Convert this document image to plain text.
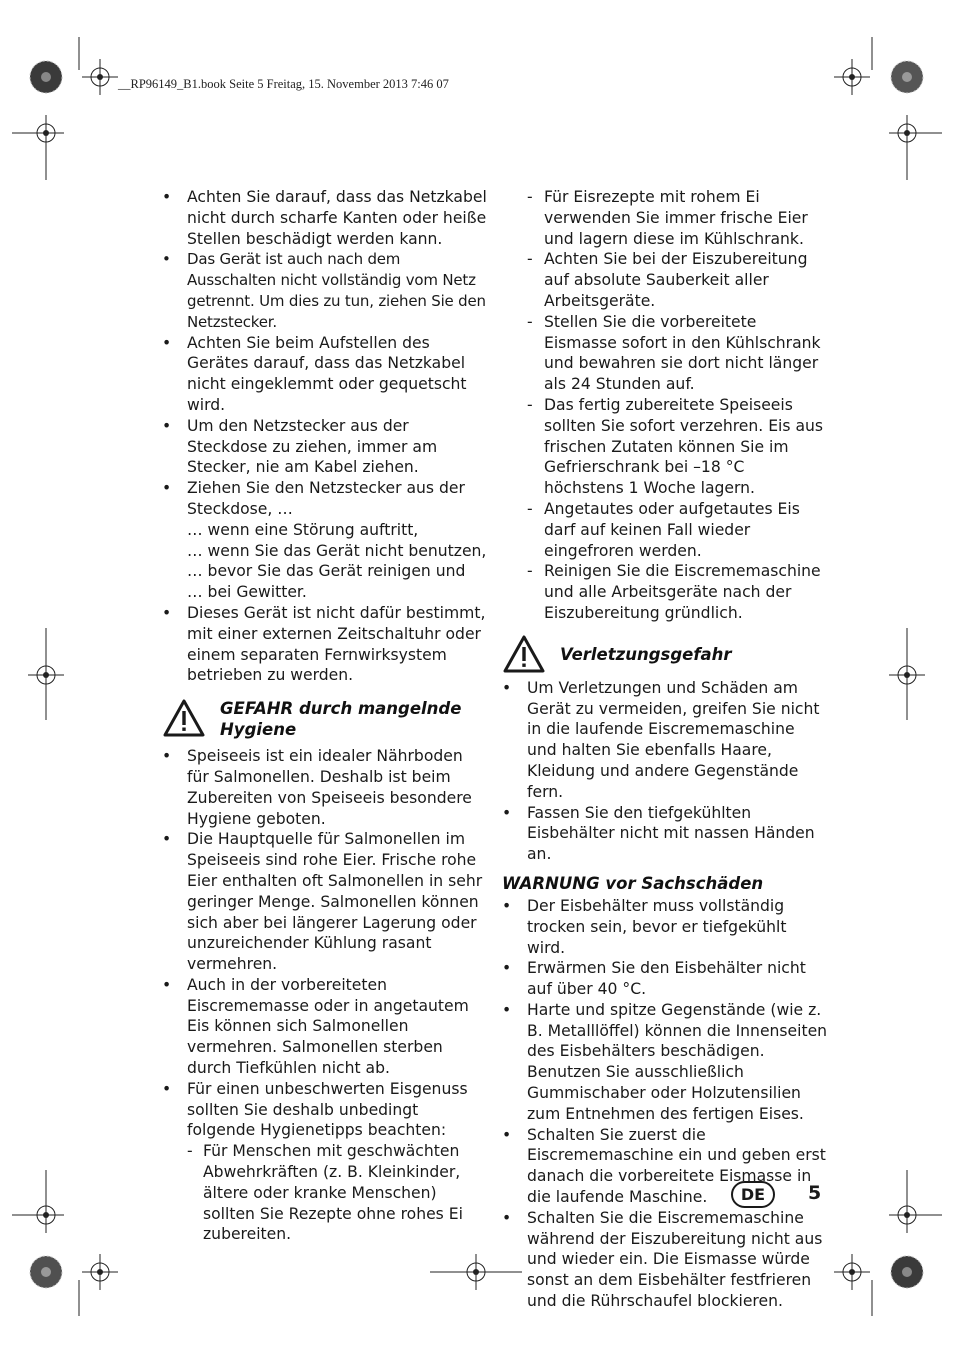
__RP96149_B1.book Seite 5 Freitag, 15. November 2013 7:46 07
• Achten Sie darauf, dass das Netzkabel nicht durch scharfe Kanten oder heiße Stellen beschädigt werden kann.
• Das Gerät ist auch nach dem Ausschalten nicht vollständig vom Netz getrennt. Um dies zu tun, ziehen Sie den Netzstecker.
• Achten Sie beim Aufstellen des Gerätes darauf, dass das Netzkabel nicht eingeklemmt oder gequetscht wird.
• Um den Netzstecker aus der Steckdose zu ziehen, immer am Stecker, nie am Kabel ziehen.
• Ziehen Sie den Netzstecker aus der Steckdose, …
… wenn eine Störung auftritt,
… wenn Sie das Gerät nicht benutzen,
… bevor Sie das Gerät reinigen und
… bei Gewitter.
• Dieses Gerät ist nicht dafür bestimmt, mit einer externen Zeitschaltuhr oder einem separaten Fernwirksystem betrieben zu werden.
GEFAHR durch mangelnde Hygiene
• Speiseeis ist ein idealer Nährboden für Salmonellen. Deshalb ist beim Zubereiten von Speiseeis besondere Hygiene geboten.
• Die Hauptquelle für Salmonellen im Speiseeis sind rohe Eier. Frische rohe Eier enthalten oft Salmonellen in sehr geringer Menge. Salmonellen können sich aber bei längerer Lagerung oder unzureichender Kühlung rasant vermehren.
• Auch in der vorbereiteten Eiscrememasse oder in angetautem Eis können sich Salmonellen vermehren. Salmonellen sterben durch Tiefkühlen nicht ab.
• Für einen unbeschwerten Eisgenuss sollten Sie deshalb unbedingt folgende Hygienetipps beachten:
- Für Menschen mit geschwächten Abwehrkräften (z. B. Kleinkinder, ältere oder kranke Menschen) sollten Sie Rezepte ohne rohes Ei zubereiten.
- Für Eisrezepte mit rohem Ei verwenden Sie immer frische Eier und lagern diese im Kühlschrank.
- Achten Sie bei der Eiszubereitung auf absolute Sauberkeit aller Arbeitsgeräte.
- Stellen Sie die vorbereitete Eismasse sofort in den Kühlschrank und bewahren sie dort nicht länger als 24 Stunden auf.
- Das fertig zubereitete Speiseeis sollten Sie sofort verzehren. Eis aus frischen Zutaten können Sie im Gefrierschrank bei –18 °C höchstens 1 Woche lagern.
- Angetautes oder aufgetautes Eis darf auf keinen Fall wieder eingefroren werden.
- Reinigen Sie die Eiscrememaschine und alle Arbeitsgeräte nach der Eiszubereitung gründlich.
Verletzungsgefahr
• Um Verletzungen und Schäden am Gerät zu vermeiden, greifen Sie nicht in die laufende Eiscrememaschine und halten Sie ebenfalls Haare, Kleidung und andere Gegenstände fern.
• Fassen Sie den tiefgekühlten Eisbehälter nicht mit nassen Händen an.
WARNUNG vor Sachschäden
• Der Eisbehälter muss vollständig trocken sein, bevor er tiefgekühlt wird.
• Erwärmen Sie den Eisbehälter nicht auf über 40 °C.
• Harte und spitze Gegenstände (wie z. B. Metalllöffel) können die Innenseiten des Eisbehälters beschädigen. Benutzen Sie ausschließlich Gummischaber oder Holzutensilien zum Entnehmen des fertigen Eises.
• Schalten Sie zuerst die Eiscrememaschine ein und geben erst danach die vorbereitete Eismasse in die laufende Maschine.
• Schalten Sie die Eiscrememaschine während der Eiszubereitung nicht aus und wieder ein. Die Eismasse würde sonst an dem Eisbehälter festfrieren und die Rührschaufel blockieren.
DE	5
